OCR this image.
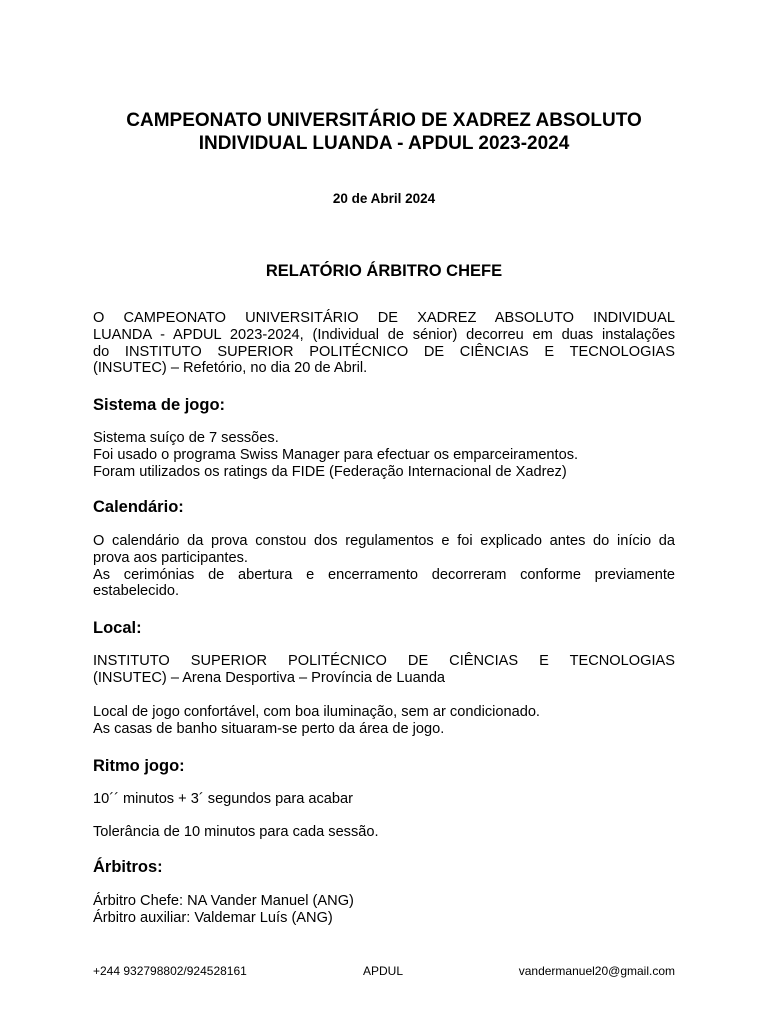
CAMPEONATO UNIVERSITÁRIO DE XADREZ ABSOLUTO
INDIVIDUAL LUANDA - APDUL 2023-2024
20 de Abril 2024
RELATÓRIO ÁRBITRO CHEFE
O CAMPEONATO UNIVERSITÁRIO DE XADREZ ABSOLUTO INDIVIDUAL
LUANDA - APDUL 2023-2024, (Individual de sénior) decorreu em duas instalações
do INSTITUTO SUPERIOR POLITÉCNICO DE CIÊNCIAS E TECNOLOGIAS
(INSUTEC) – Refetório, no dia 20 de Abril.
Sistema de jogo:
Sistema suíço de 7 sessões.
Foi usado o programa Swiss Manager para efectuar os emparceiramentos.
Foram utilizados os ratings da FIDE (Federação Internacional de Xadrez)
Calendário:
O calendário da prova constou dos regulamentos e foi explicado antes do início da
prova aos participantes.
As cerimónias de abertura e encerramento decorreram conforme previamente
estabelecido.
Local:
INSTITUTO SUPERIOR POLITÉCNICO DE CIÊNCIAS E TECNOLOGIAS
(INSUTEC) – Arena Desportiva – Província de Luanda
Local de jogo confortável, com boa iluminação, sem ar condicionado.
As casas de banho situaram-se perto da área de jogo.
Ritmo jogo:
10´´ minutos + 3´ segundos para acabar
Tolerância de 10 minutos para cada sessão.
Árbitros:
Árbitro Chefe: NA Vander Manuel (ANG)
Árbitro auxiliar: Valdemar Luís (ANG)
+244 932798802/924528161	APDUL	vandermanuel20@gmail.com
